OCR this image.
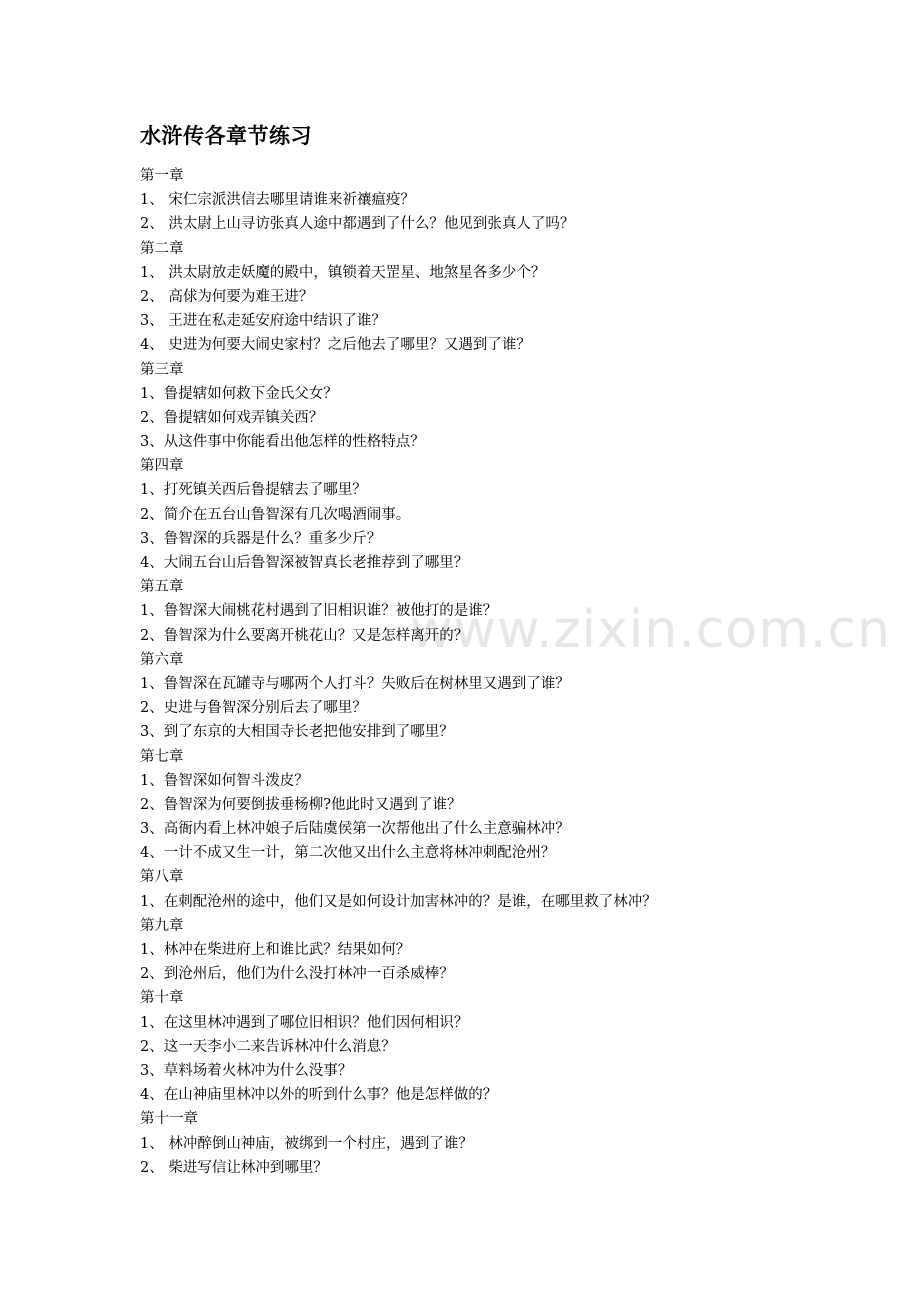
www.zixin.com.cn
水浒传各章节练习
第一章
1、 宋仁宗派洪信去哪里请谁来祈禳瘟疫？
2、 洪太尉上山寻访张真人途中都遇到了什么？他见到张真人了吗？
第二章
1、 洪太尉放走妖魔的殿中，镇锁着天罡星、地煞星各多少个？
2、 高俅为何要为难王进？
3、 王进在私走延安府途中结识了谁？
4、 史进为何要大闹史家村？之后他去了哪里？又遇到了谁？
第三章
1、鲁提辖如何救下金氏父女？
2、鲁提辖如何戏弄镇关西？
3、从这件事中你能看出他怎样的性格特点？
第四章
1、打死镇关西后鲁提辖去了哪里？
2、简介在五台山鲁智深有几次喝酒闹事。
3、鲁智深的兵器是什么？重多少斤？
4、大闹五台山后鲁智深被智真长老推荐到了哪里？
第五章
1、鲁智深大闹桃花村遇到了旧相识谁？被他打的是谁？
2、鲁智深为什么要离开桃花山？又是怎样离开的？
第六章
1、鲁智深在瓦罐寺与哪两个人打斗？失败后在树林里又遇到了谁？
2、史进与鲁智深分别后去了哪里？
3、到了东京的大相国寺长老把他安排到了哪里？
第七章
1、鲁智深如何智斗泼皮？
2、鲁智深为何要倒拔垂杨柳?他此时又遇到了谁？
3、高衙内看上林冲娘子后陆虞侯第一次帮他出了什么主意骗林冲？
4、一计不成又生一计，第二次他又出什么主意将林冲刺配沧州？
第八章
1、在刺配沧州的途中，他们又是如何设计加害林冲的？是谁，在哪里救了林冲？
第九章
1、林冲在柴进府上和谁比武？结果如何？
2、到沧州后，他们为什么没打林冲一百杀威棒？
第十章
1、在这里林冲遇到了哪位旧相识？他们因何相识？
2、这一天李小二来告诉林冲什么消息？
3、草料场着火林冲为什么没事？
4、在山神庙里林冲以外的听到什么事？他是怎样做的？
第十一章
1、 林冲醉倒山神庙，被绑到一个村庄，遇到了谁？
2、 柴进写信让林冲到哪里？
